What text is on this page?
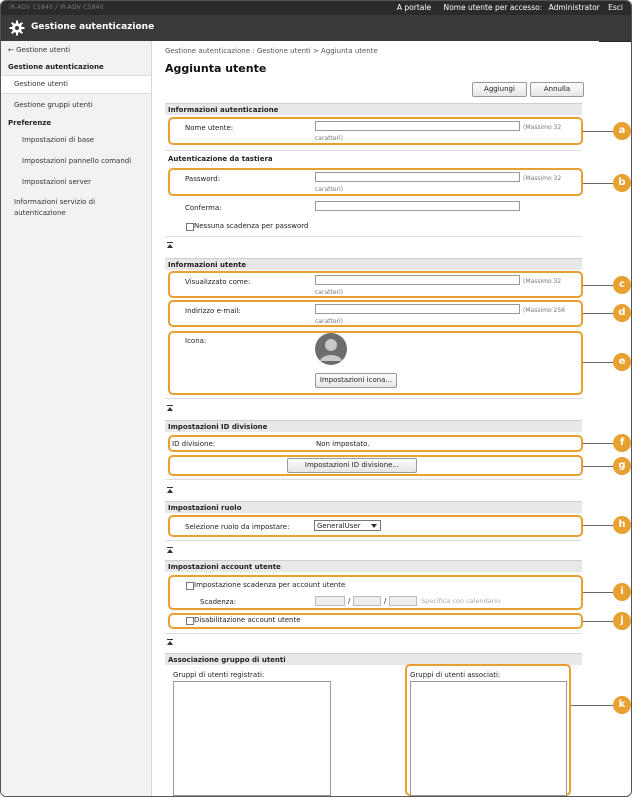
iR-ADV C5840 / iR-ADV C5840	A portale Nome utente per accesso: Administrator Esci
Gestione autenticazione
← Gestione utenti
Gestione autenticazione
Gestione utenti
Gestione gruppi utenti
Preferenze
Impostazioni di base
Impostazioni pannello comandi
Impostazioni server
Informazioni servizio di
autenticazione
Gestione autenticazione : Gestione utenti > Aggiunta utente
Aggiunta utente
Aggiungi	Annulla
Informazioni autenticazione
Nome utente:	(Massimo 32
caratteri)
Autenticazione da tastiera
Password:	(Massimo 32
caratteri)
Conferma:
Nessuna scadenza per password
Informazioni utente
Visualizzato come:	(Massimo 32
caratteri)
Indirizzo e-mail:	(Massimo 256
caratteri)
Icona:
Impostazioni icona...
Impostazioni ID divisione
ID divisione:	Non impostato.
Impostazioni ID divisione...
Impostazioni ruolo
Selezione ruolo da impostare:	GeneralUser
Impostazioni account utente
Impostazione scadenza per account utente
Scadenza:	/	/	Specifica con calendario
Disabilitazione account utente
Associazione gruppo di utenti
Gruppi di utenti registrati:	Gruppi di utenti associati:
a
b
c
d
e
f
g
h
i
j
k
